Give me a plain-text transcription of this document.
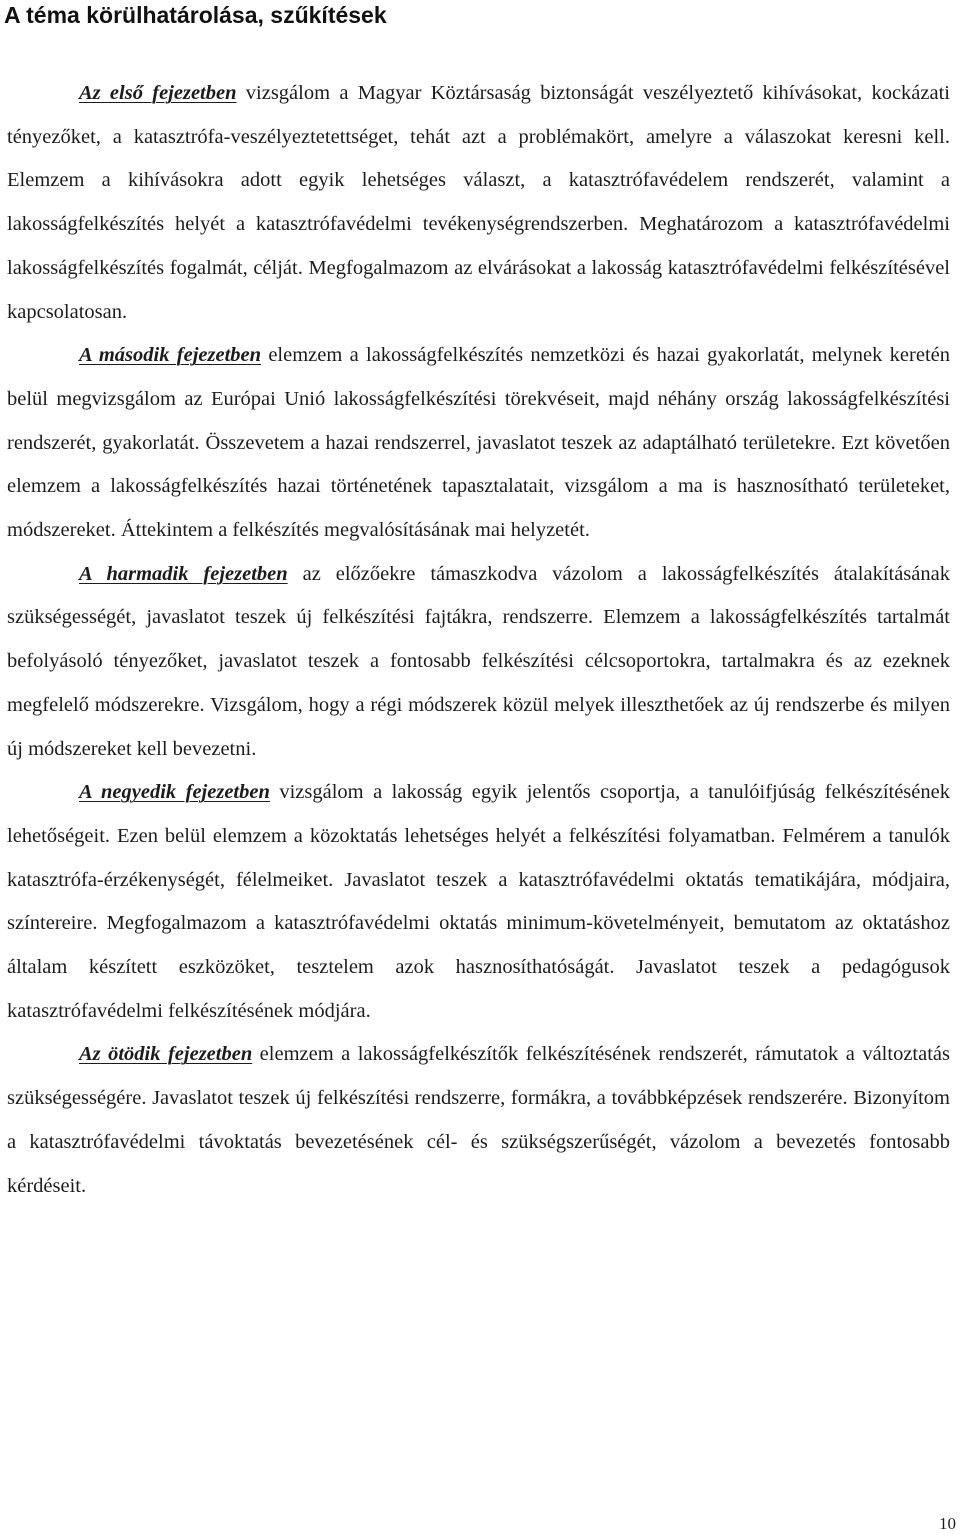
A téma körülhatárolása, szűkítések

Az első fejezetben vizsgálom a Magyar Köztársaság biztonságát veszélyeztető kihívásokat, kockázati tényezőket, a katasztrófa-veszélyeztetettséget, tehát azt a problémakört, amelyre a válaszokat keresni kell. Elemzem a kihívásokra adott egyik lehetséges választ, a katasztrófavédelem rendszerét, valamint a lakosságfelkészítés helyét a katasztrófavédelmi tevékenységrendszerben. Meghatározom a katasztrófavédelmi lakosságfelkészítés fogalmát, célját. Megfogalmazom az elvárásokat a lakosság katasztrófavédelmi felkészítésével kapcsolatosan.

A második fejezetben elemzem a lakosságfelkészítés nemzetközi és hazai gyakorlatát, melynek keretén belül megvizsgálom az Európai Unió lakosságfelkészítési törekvéseit, majd néhány ország lakosságfelkészítési rendszerét, gyakorlatát. Összevetem a hazai rendszerrel, javaslatot teszek az adaptálható területekre. Ezt követően elemzem a lakosságfelkészítés hazai történetének tapasztalatait, vizsgálom a ma is hasznosítható területeket, módszereket. Áttekintem a felkészítés megvalósításának mai helyzetét.

A harmadik fejezetben az előzőekre támaszkodva vázolom a lakosságfelkészítés átalakításának szükségességét, javaslatot teszek új felkészítési fajtákra, rendszerre. Elemzem a lakosságfelkészítés tartalmát befolyásoló tényezőket, javaslatot teszek a fontosabb felkészítési célcsoportokra, tartalmakra és az ezeknek megfelelő módszerekre. Vizsgálom, hogy a régi módszerek közül melyek illeszthetőek az új rendszerbe és milyen új módszereket kell bevezetni.

A negyedik fejezetben vizsgálom a lakosság egyik jelentős csoportja, a tanulóifjúság felkészítésének lehetőségeit. Ezen belül elemzem a közoktatás lehetséges helyét a felkészítési folyamatban. Felmérem a tanulók katasztrófa-érzékenységét, félelmeiket. Javaslatot teszek a katasztrófavédelmi oktatás tematikájára, módjaira, színtereire. Megfogalmazom a katasztrófavédelmi oktatás minimum-követelményeit, bemutatom az oktatáshoz általam készített eszközöket, tesztelem azok hasznosíthatóságát. Javaslatot teszek a pedagógusok katasztrófavédelmi felkészítésének módjára.

Az ötödik fejezetben elemzem a lakosságfelkészítők felkészítésének rendszerét, rámutatok a változtatás szükségességére. Javaslatot teszek új felkészítési rendszerre, formákra, a továbbképzések rendszerére. Bizonyítom a katasztrófavédelmi távoktatás bevezetésének cél- és szükségszerűségét, vázolom a bevezetés fontosabb kérdéseit.

10
